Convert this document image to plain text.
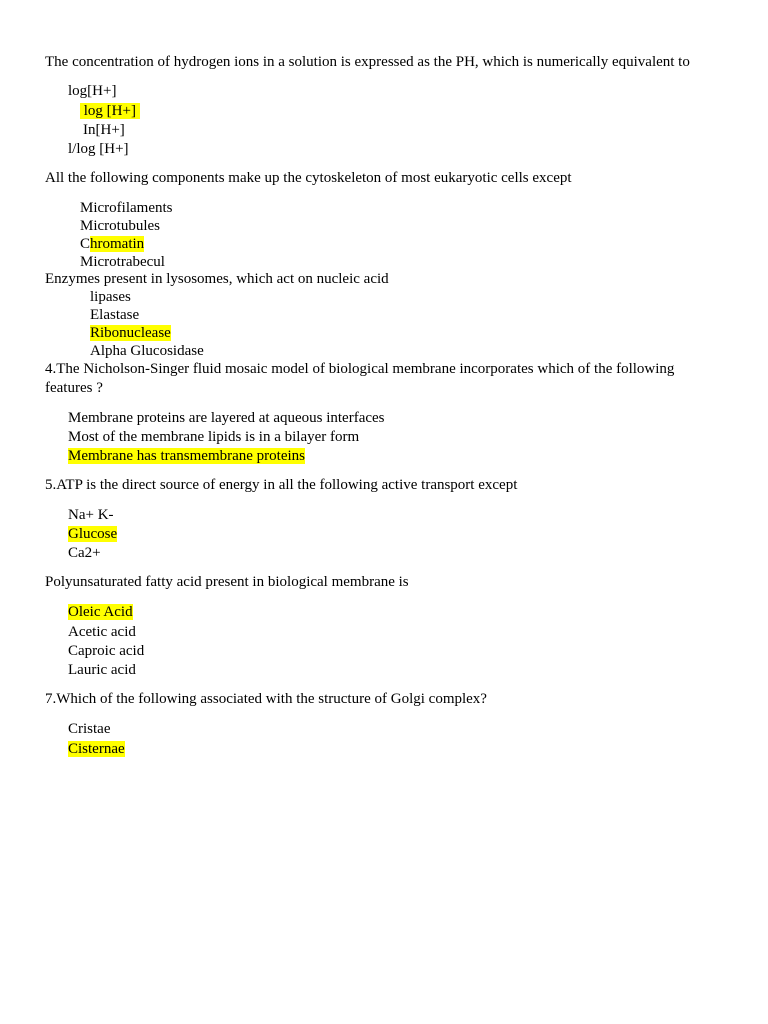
The concentration of hydrogen ions in a solution is expressed as the PH, which is numerically equivalent to
log[H+]
log [H+]
In[H+]
l/log [H+]
All the following components make up the cytoskeleton of most eukaryotic cells except
Microfilaments
Microtubules
Chromatin
Microtrabecul
Enzymes present in lysosomes, which act on nucleic acid
lipases
Elastase
Ribonuclease
Alpha Glucosidase
4.The Nicholson-Singer fluid mosaic model of biological membrane incorporates which of the following
features ?
Membrane proteins are layered at aqueous interfaces
Most of the membrane lipids is in a bilayer form
Membrane has transmembrane proteins
5.ATP is the direct source of energy in all the following active transport except
Na+ K-
Glucose
Ca2+
Polyunsaturated fatty acid present in biological membrane is
Oleic Acid
Acetic acid
Caproic acid
Lauric acid
7.Which of the following associated with the structure of Golgi complex?
Cristae
Cisternae
